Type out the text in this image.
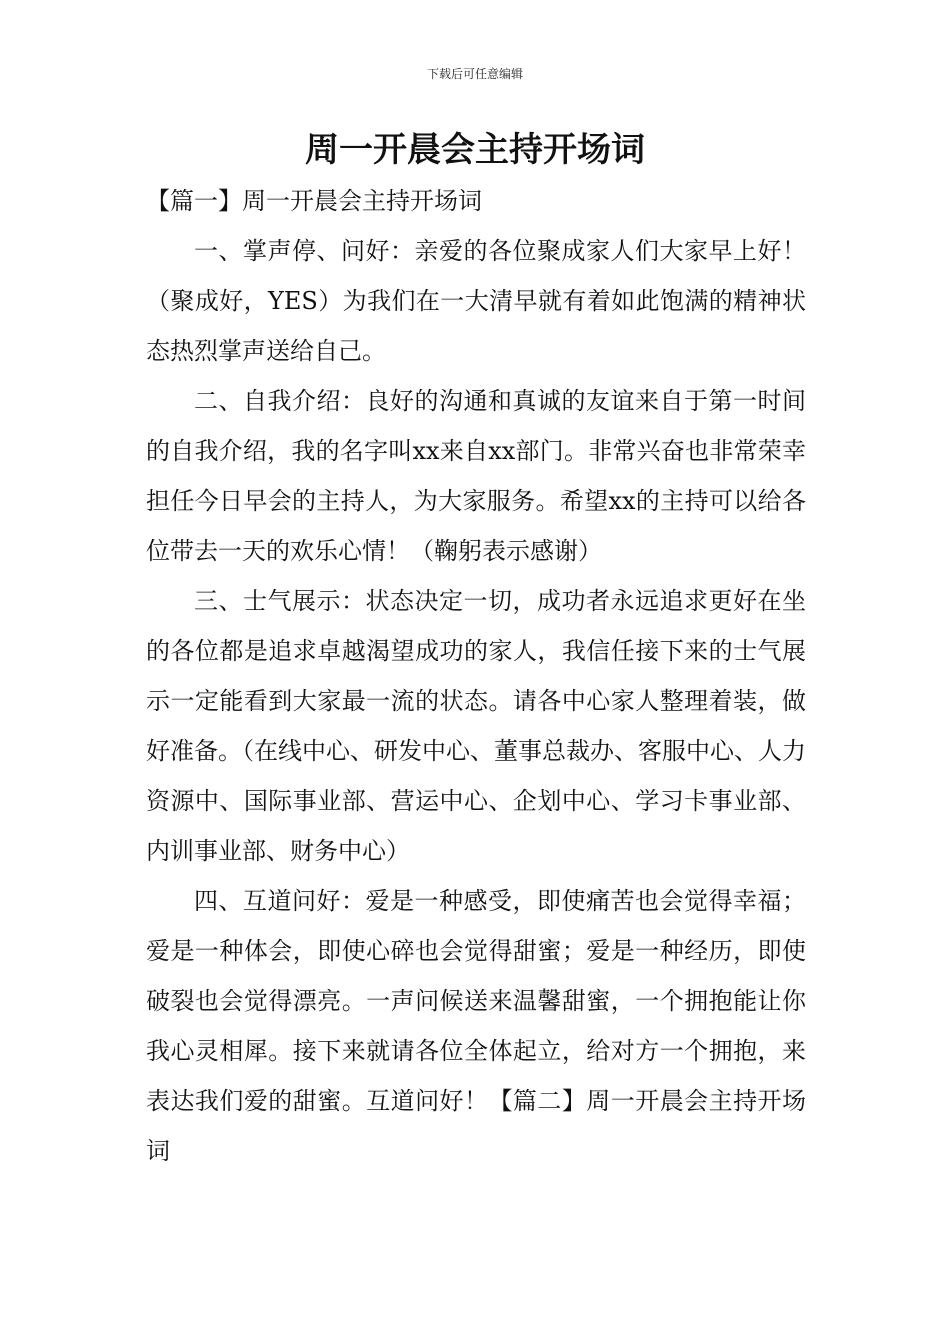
下载后可任意编辑
周一开晨会主持开场词

【篇一】周一开晨会主持开场词

一、掌声停、问好：亲爱的各位聚成家人们大家早上好！（聚成好，YES）为我们在一大清早就有着如此饱满的精神状态热烈掌声送给自己。

二、自我介绍：良好的沟通和真诚的友谊来自于第一时间的自我介绍，我的名字叫xx来自xx部门。非常兴奋也非常荣幸担任今日早会的主持人，为大家服务。希望xx的主持可以给各位带去一天的欢乐心情！（鞠躬表示感谢）

三、士气展示：状态决定一切，成功者永远追求更好在坐的各位都是追求卓越渴望成功的家人，我信任接下来的士气展示一定能看到大家最一流的状态。请各中心家人整理着装，做好准备。（在线中心、研发中心、董事总裁办、客服中心、人力资源中、国际事业部、营运中心、企划中心、学习卡事业部、内训事业部、财务中心）

四、互道问好：爱是一种感受，即使痛苦也会觉得幸福；爱是一种体会，即使心碎也会觉得甜蜜；爱是一种经历，即使破裂也会觉得漂亮。一声问候送来温馨甜蜜，一个拥抱能让你我心灵相犀。接下来就请各位全体起立，给对方一个拥抱，来表达我们爱的甜蜜。互道问好！【篇二】周一开晨会主持开场词
